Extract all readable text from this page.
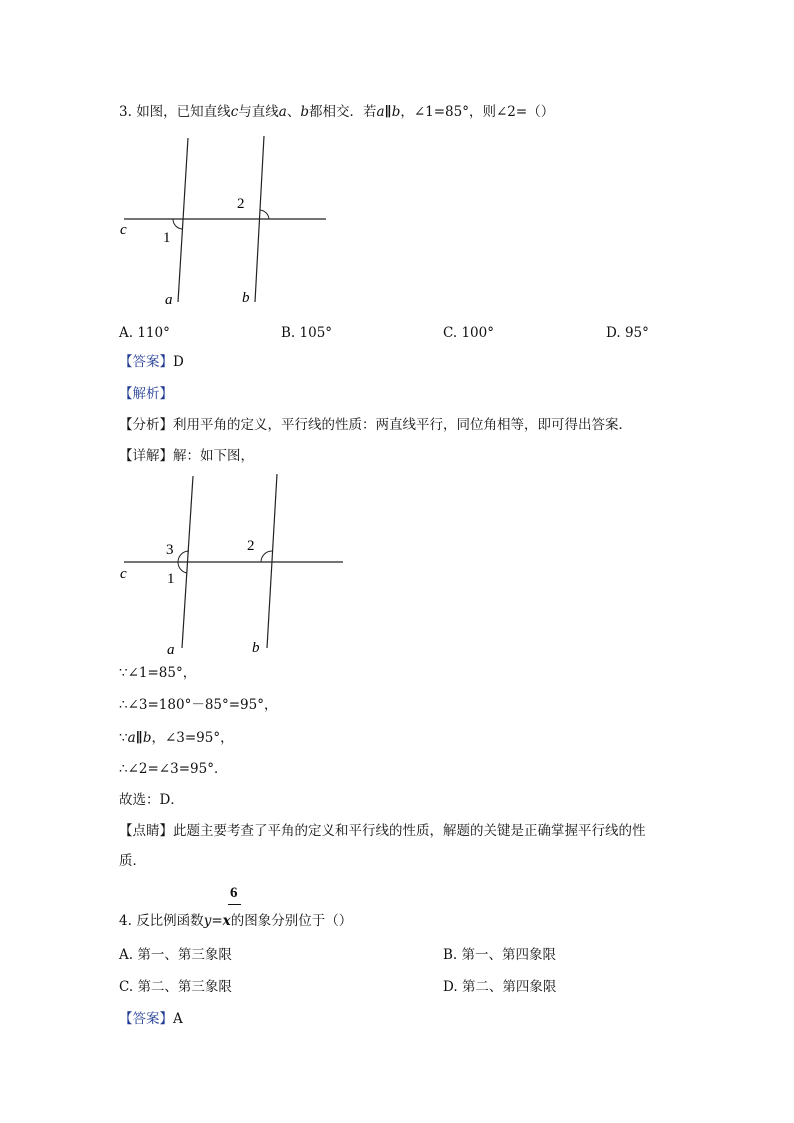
3. 如图，已知直线c与直线a、b都相交．若a∥b，∠1=85°，则∠2=（）
2
1
c
a	b
A. 110°	B. 105°	C. 100°	D. 95°
【答案】D
【解析】
【分析】利用平角的定义，平行线的性质：两直线平行，同位角相等，即可得出答案．
【详解】解：如下图，
3	2
1
c
a	b
∵∠1=85°，
∴∠3=180°－85°=95°，
∵a∥b，∠3=95°，
∴∠2=∠3=95°．
故选：D．
【点睛】此题主要考查了平角的定义和平行线的性质，解题的关键是正确掌握平行线的性
质．
6
4. 反比例函数y=x的图象分别位于（）
A. 第一、第三象限	B. 第一、第四象限
C. 第二、第三象限	D. 第二、第四象限
【答案】A
